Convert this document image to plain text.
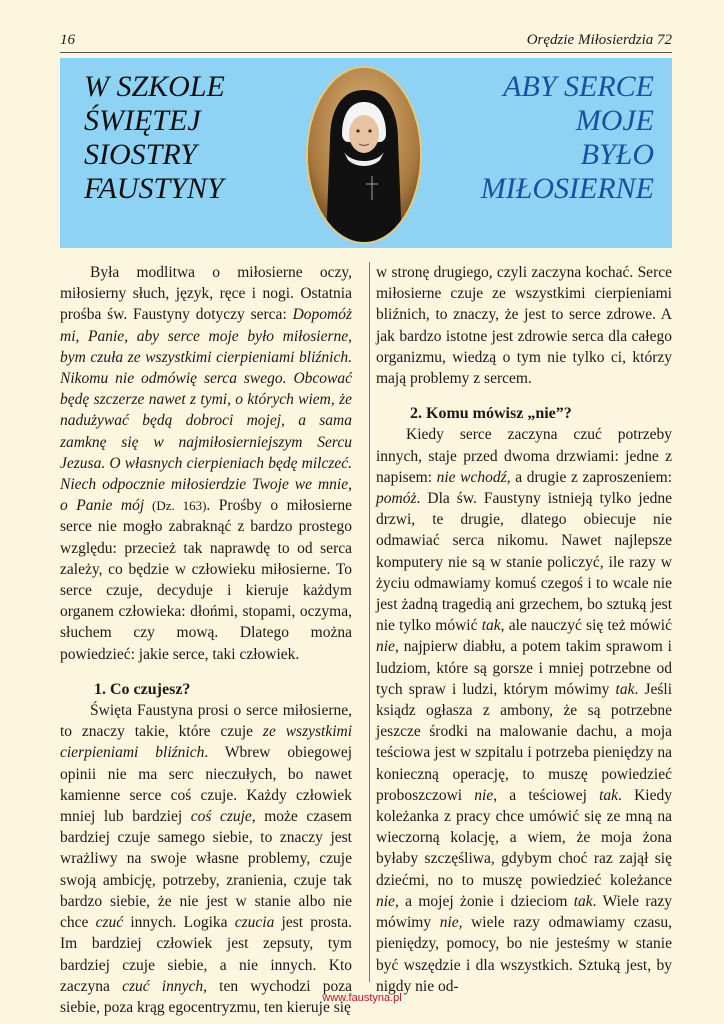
16	Orędzie Miłosierdzia 72
W SZKOLE
ŚWIĘTEJ
SIOSTRY
FAUSTYNY
ABY SERCE
MOJE
BYŁO
MIŁOSIERNE

Była modlitwa o miłosierne oczy, miłosierny słuch, język, ręce i nogi. Ostatnia prośba św. Faustyny dotyczy serca: Dopomóż mi, Panie, aby serce moje było miłosierne, bym czuła ze wszystkimi cierpieniami bliźnich. Nikomu nie odmówię serca swego. Obcować będę szczerze nawet z tymi, o których wiem, że nadużywać będą dobroci mojej, a sama zamknę się w najmiłosierniejszym Sercu Jezusa. O własnych cierpieniach będę milczeć. Niech odpocznie miłosierdzie Twoje we mnie, o Panie mój (Dz. 163). Prośby o miłosierne serce nie mogło zabraknąć z bardzo prostego względu: przecież tak naprawdę to od serca zależy, co będzie w człowieku miłosierne. To serce czuje, decyduje i kieruje każdym organem człowieka: dłońmi, stopami, oczyma, słuchem czy mową. Dlatego można powiedzieć: jakie serce, taki człowiek.

1. Co czujesz?

Święta Faustyna prosi o serce miłosierne, to znaczy takie, które czuje ze wszystkimi cierpieniami bliźnich. Wbrew obiegowej opinii nie ma serc nieczułych, bo nawet kamienne serce coś czuje. Każdy człowiek mniej lub bardziej coś czuje, może czasem bardziej czuje samego siebie, to znaczy jest wrażliwy na swoje własne problemy, czuje swoją ambicję, potrzeby, zranienia, czuje tak bardzo siebie, że nie jest w stanie albo nie chce czuć innych. Logika czucia jest prosta. Im bardziej człowiek jest zepsuty, tym bardziej czuje siebie, a nie innych. Kto zaczyna czuć innych, ten wychodzi poza siebie, poza krąg egocentryzmu, ten kieruje się

w stronę drugiego, czyli zaczyna kochać. Serce miłosierne czuje ze wszystkimi cierpieniami bliźnich, to znaczy, że jest to serce zdrowe. A jak bardzo istotne jest zdrowie serca dla całego organizmu, wiedzą o tym nie tylko ci, którzy mają problemy z sercem.

2. Komu mówisz „nie”?

Kiedy serce zaczyna czuć potrzeby innych, staje przed dwoma drzwiami: jedne z napisem: nie wchodź, a drugie z zaproszeniem: pomóż. Dla św. Faustyny istnieją tylko jedne drzwi, te drugie, dlatego obiecuje nie odmawiać serca nikomu. Nawet najlepsze komputery nie są w stanie policzyć, ile razy w życiu odmawiamy komuś czegoś i to wcale nie jest żadną tragedią ani grzechem, bo sztuką jest nie tylko mówić tak, ale nauczyć się też mówić nie, najpierw diabłu, a potem takim sprawom i ludziom, które są gorsze i mniej potrzebne od tych spraw i ludzi, którym mówimy tak. Jeśli ksiądz ogłasza z ambony, że są potrzebne jeszcze środki na malowanie dachu, a moja teściowa jest w szpitalu i potrzeba pieniędzy na konieczną operację, to muszę powiedzieć proboszczowi nie, a teściowej tak. Kiedy koleżanka z pracy chce umówić się ze mną na wieczorną kolację, a wiem, że moja żona byłaby szczęśliwa, gdybym choć raz zajął się dziećmi, no to muszę powiedzieć koleżance nie, a mojej żonie i dzieciom tak. Wiele razy mówimy nie, wiele razy odmawiamy czasu, pieniędzy, pomocy, bo nie jesteśmy w stanie być wszędzie i dla wszystkich. Sztuką jest, by nigdy nie od-

www.faustyna.pl
